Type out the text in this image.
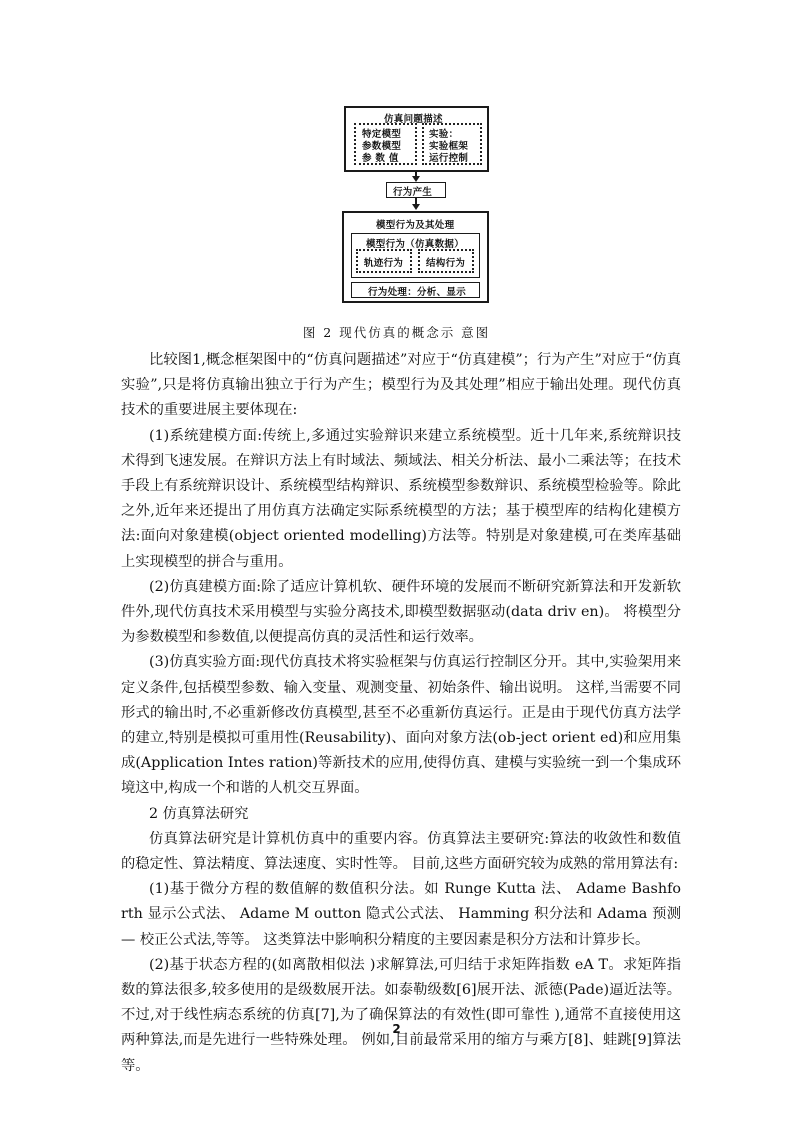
仿真问题描述
特定模型
参数模型
参 数 值
实验：
实验框架
运行控制
行为产生
模型行为及其处理
模型行为（仿真数据）
轨迹行为 结构行为
行为处理：分析、显示
图 2 现代仿真的概念示 意图

比较图1,概念框架图中的“仿真问题描述”对应于“仿真建模”；行为产生”对应于“仿真实验”,只是将仿真输出独立于行为产生；模型行为及其处理”相应于输出处理。现代仿真技术的重要进展主要体现在:

(1)系统建模方面:传统上,多通过实验辩识来建立系统模型。近十几年来,系统辩识技术得到飞速发展。在辩识方法上有时域法、频域法、相关分析法、最小二乘法等；在技术手段上有系统辩识设计、系统模型结构辩识、系统模型参数辩识、系统模型检验等。除此之外,近年来还提出了用仿真方法确定实际系统模型的方法；基于模型库的结构化建模方法:面向对象建模(object oriented modelling)方法等。特别是对象建模,可在类库基础上实现模型的拼合与重用。

(2)仿真建模方面:除了适应计算机软、硬件环境的发展而不断研究新算法和开发新软件外,现代仿真技术采用模型与实验分离技术,即模型数据驱动(data driv en)。 将模型分为参数模型和参数值,以便提高仿真的灵活性和运行效率。

(3)仿真实验方面:现代仿真技术将实验框架与仿真运行控制区分开。其中,实验架用来定义条件,包括模型参数、输入变量、观测变量、初始条件、输出说明。 这样,当需要不同形式的输出时,不必重新修改仿真模型,甚至不必重新仿真运行。正是由于现代仿真方法学的建立,特别是模拟可重用性(Reusability)、面向对象方法(ob-ject orient ed)和应用集成(Application Intes ration)等新技术的应用,使得仿真、建模与实验统一到一个集成环境这中,构成一个和谐的人机交互界面。

2 仿真算法研究

仿真算法研究是计算机仿真中的重要内容。仿真算法主要研究:算法的收敛性和数值的稳定性、算法精度、算法速度、实时性等。 目前,这些方面研究较为成熟的常用算法有:

(1)基于微分方程的数值解的数值积分法。如 Runge Kutta 法、 Adame Bashfo rth 显示公式法、 Adame M outton 隐式公式法、 Hamming 积分法和 Adama 预测— 校正公式法,等等。 这类算法中影响积分精度的主要因素是积分方法和计算步长。

(2)基于状态方程的(如离散相似法 )求解算法,可归结于求矩阵指数 eA T。求矩阵指数的算法很多,较多使用的是级数展开法。如泰勒级数[6]展开法、派德(Pade)逼近法等。不过,对于线性病态系统的仿真[7],为了确保算法的有效性(即可靠性 ),通常不直接使用这两种算法,而是先进行一些特殊处理。 例如,目前最常采用的缩方与乘方[8]、蛙跳[9]算法等。

2
